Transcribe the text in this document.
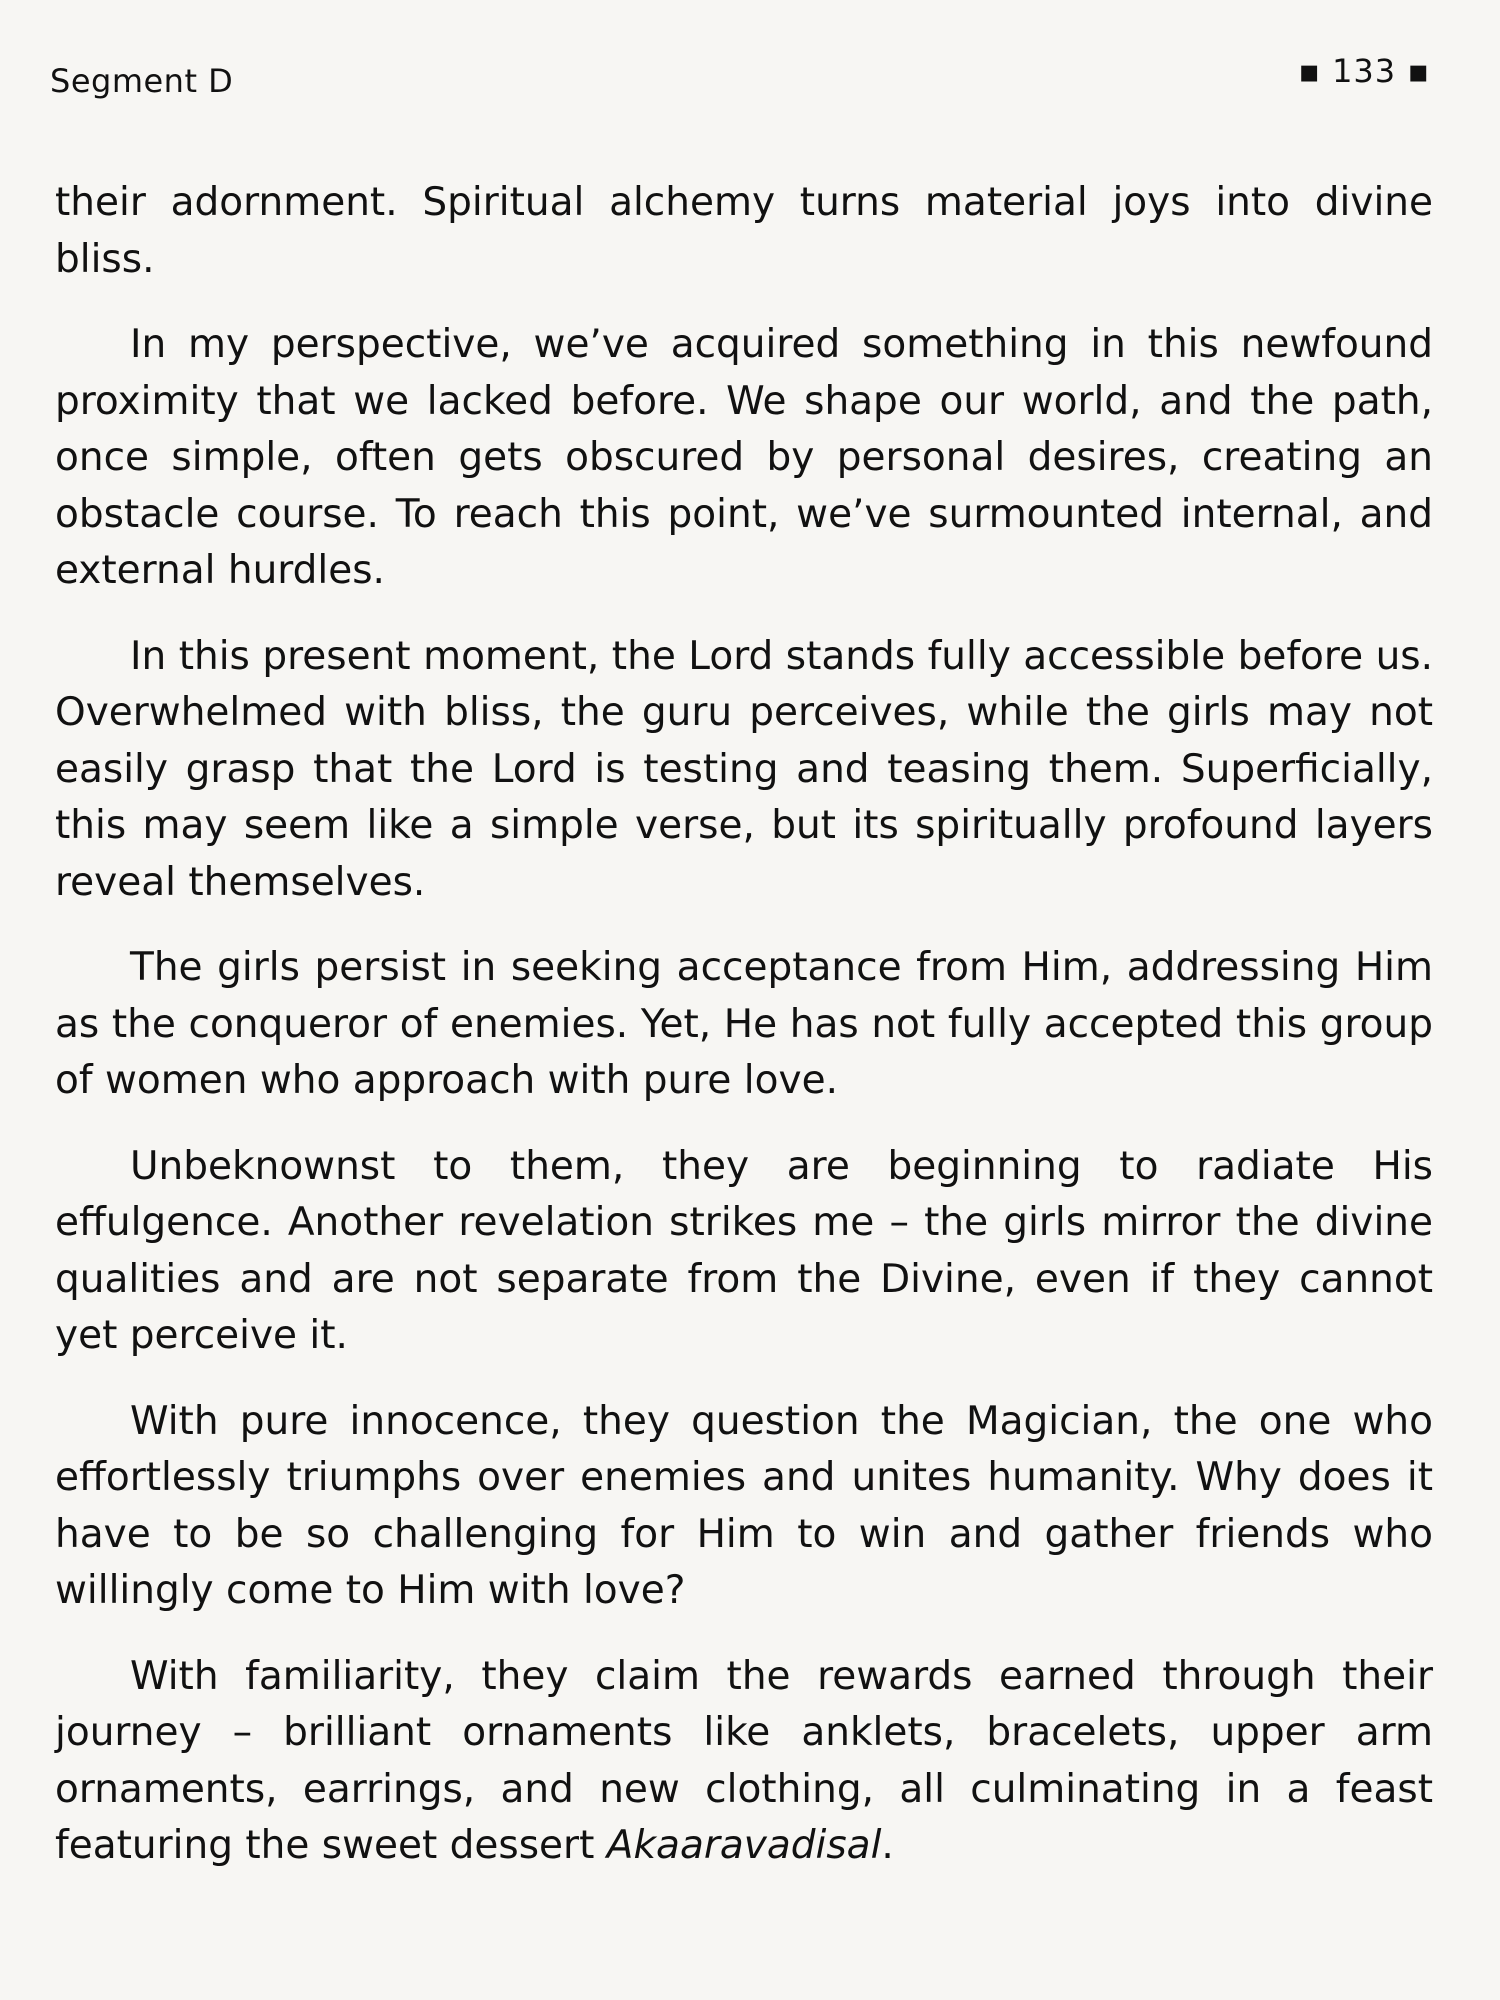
Segment D	▪ 133 ▪

their adornment. Spiritual alchemy turns material joys into divine bliss.

In my perspective, we’ve acquired something in this newfound proximity that we lacked before. We shape our world, and the path, once simple, often gets obscured by personal desires, creating an obstacle course. To reach this point, we’ve surmounted internal, and external hurdles.

In this present moment, the Lord stands fully accessible before us. Overwhelmed with bliss, the guru perceives, while the girls may not easily grasp that the Lord is testing and teasing them. Superficially, this may seem like a simple verse, but its spiritually profound layers reveal themselves.

The girls persist in seeking acceptance from Him, addressing Him as the conqueror of enemies. Yet, He has not fully accepted this group of women who approach with pure love.

Unbeknownst to them, they are beginning to radiate His effulgence. Another revelation strikes me – the girls mirror the divine qualities and are not separate from the Divine, even if they cannot yet perceive it.

With pure innocence, they question the Magician, the one who effortlessly triumphs over enemies and unites humanity. Why does it have to be so challenging for Him to win and gather friends who willingly come to Him with love?

With familiarity, they claim the rewards earned through their journey – brilliant ornaments like anklets, bracelets, upper arm ornaments, earrings, and new clothing, all culminating in a feast featuring the sweet dessert Akaaravadisal.
